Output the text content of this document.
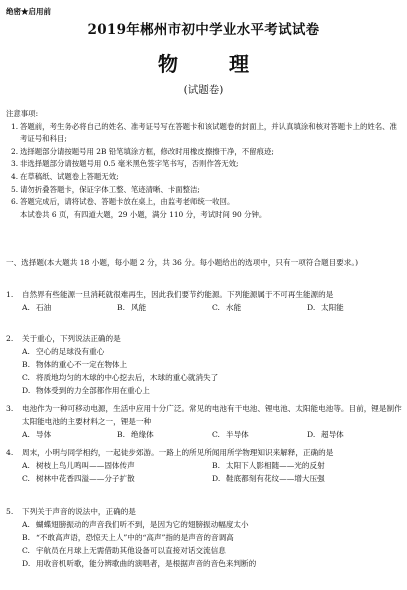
绝密★启用前
2019年郴州市初中学业水平考试试卷
物 理
(试题卷)
注意事项:
1. 答题前，考生务必将自己的姓名、准考证号写在答题卡和该试题卷的封面上，并认真填涂和核对答题卡上的姓名、准考证号和科目;
2. 选择题部分请按题号用 2B 铅笔填涂方框，修改时用橡皮擦擦干净，不留痕迹;
3. 非选择题部分请按题号用 0.5 毫米黑色签字笔书写，否则作答无效;
4. 在草稿纸、试题卷上答题无效;
5. 请勿折叠答题卡，保证字体工整、笔迹清晰、卡面整洁;
6. 答题完成后，请将试卷、答题卡放在桌上，由监考老师统一收回。
本试卷共 6 页，有四道大题，29 小题，满分 110 分，考试时间 90 分钟。
一、选择题(本大题共 18 小题，每小题 2 分，共 36 分。每小题给出的选项中，只有一项符合题目要求。)
1. 自然界有些能源一旦消耗就很难再生，因此我们要节约能源。下列能源属于不可再生能源的是
A. 石油	B. 风能	C. 水能	D. 太阳能
2. 关于重心，下列说法正确的是
A. 空心的足球没有重心
B. 物体的重心不一定在物体上
C. 将质地均匀的木球的中心挖去后，木球的重心就消失了
D. 物体受到的力全部都作用在重心上
3. 电池作为一种可移动电源，生活中应用十分广泛。常见的电池有干电池、锂电池、太阳能电池等。目前，锂是制作太阳能电池的主要材料之一，锂是一种
A. 导体	B. 绝缘体	C. 半导体	D. 超导体
4. 周末，小明与同学相约，一起徒步郊游。一路上的所见所闻用所学物理知识来解释，正确的是
A. 树枝上鸟儿鸣叫——固体传声	B. 太阳下人影相随——光的反射
C. 树林中花香四溢——分子扩散	D. 鞋底都刻有花纹——增大压强
5. 下列关于声音的说法中，正确的是
A. 蝴蝶翅膀振动的声音我们听不到，是因为它的翅膀振动幅度太小
B. “不敢高声语，恐惊天上人”中的“高声”指的是声音的音调高
C. 宇航员在月球上无需借助其他设备可以直接对话交流信息
D. 用收音机听歌，能分辨歌曲的演唱者，是根据声音的音色来判断的
